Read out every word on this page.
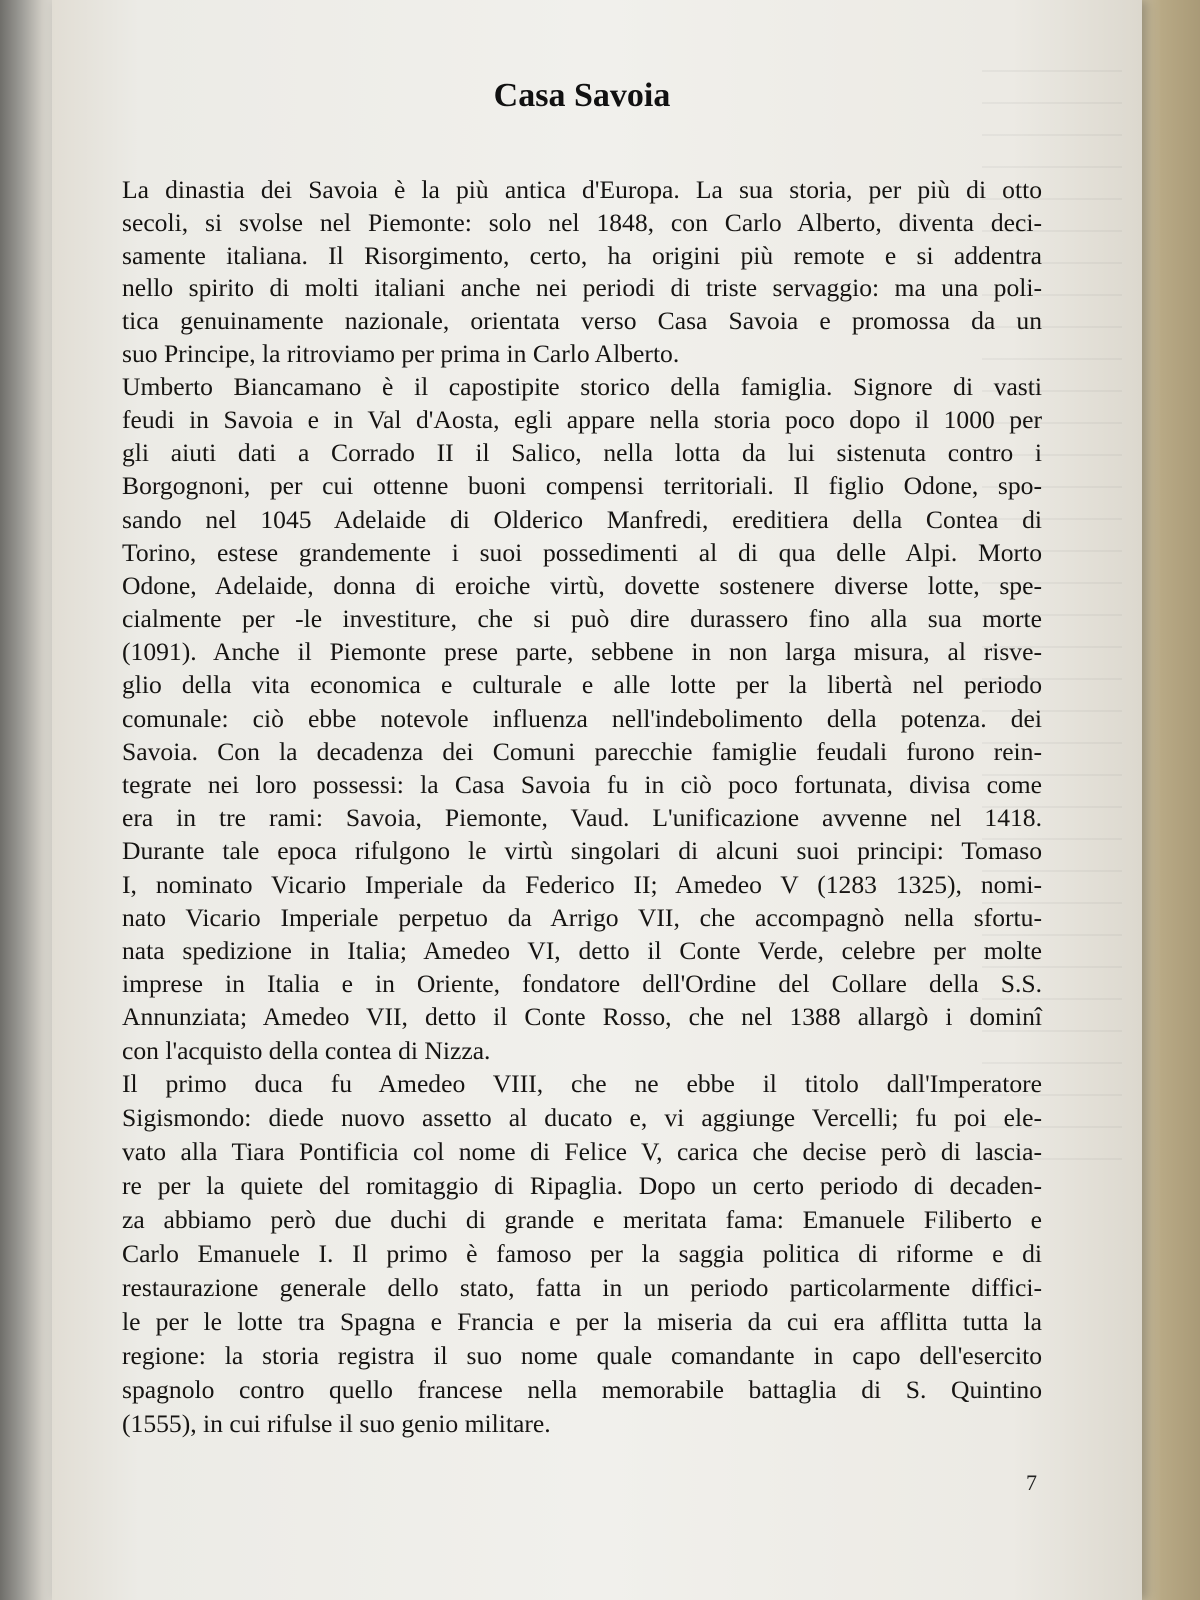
Casa Savoia
La dinastia dei Savoia è la più antica d'Europa. La sua storia, per più di otto
secoli, si svolse nel Piemonte: solo nel 1848, con Carlo Alberto, diventa deci-
samente italiana. Il Risorgimento, certo, ha origini più remote e si addentra
nello spirito di molti italiani anche nei periodi di triste servaggio: ma una poli-
tica genuinamente nazionale, orientata verso Casa Savoia e promossa da un
suo Principe, la ritroviamo per prima in Carlo Alberto.
Umberto Biancamano è il capostipite storico della famiglia. Signore di vasti
feudi in Savoia e in Val d'Aosta, egli appare nella storia poco dopo il 1000 per
gli aiuti dati a Corrado II il Salico, nella lotta da lui sistenuta contro i
Borgognoni, per cui ottenne buoni compensi territoriali. Il figlio Odone, spo-
sando nel 1045 Adelaide di Olderico Manfredi, ereditiera della Contea di
Torino, estese grandemente i suoi possedimenti al di qua delle Alpi. Morto
Odone, Adelaide, donna di eroiche virtù, dovette sostenere diverse lotte, spe-
cialmente per -le investiture, che si può dire durassero fino alla sua morte
(1091). Anche il Piemonte prese parte, sebbene in non larga misura, al risve-
glio della vita economica e culturale e alle lotte per la libertà nel periodo
comunale: ciò ebbe notevole influenza nell'indebolimento della potenza. dei
Savoia. Con la decadenza dei Comuni parecchie famiglie feudali furono rein-
tegrate nei loro possessi: la Casa Savoia fu in ciò poco fortunata, divisa come
era in tre rami: Savoia, Piemonte, Vaud. L'unificazione avvenne nel 1418.
Durante tale epoca rifulgono le virtù singolari di alcuni suoi principi: Tomaso
I, nominato Vicario Imperiale da Federico II; Amedeo V (1283 1325), nomi-
nato Vicario Imperiale perpetuo da Arrigo VII, che accompagnò nella sfortu-
nata spedizione in Italia; Amedeo VI, detto il Conte Verde, celebre per molte
imprese in Italia e in Oriente, fondatore dell'Ordine del Collare della S.S.
Annunziata; Amedeo VII, detto il Conte Rosso, che nel 1388 allargò i dominî
con l'acquisto della contea di Nizza.
Il primo duca fu Amedeo VIII, che ne ebbe il titolo dall'Imperatore
Sigismondo: diede nuovo assetto al ducato e, vi aggiunge Vercelli; fu poi ele-
vato alla Tiara Pontificia col nome di Felice V, carica che decise però di lascia-
re per la quiete del romitaggio di Ripaglia. Dopo un certo periodo di decaden-
za abbiamo però due duchi di grande e meritata fama: Emanuele Filiberto e
Carlo Emanuele I. Il primo è famoso per la saggia politica di riforme e di
restaurazione generale dello stato, fatta in un periodo particolarmente diffici-
le per le lotte tra Spagna e Francia e per la miseria da cui era afflitta tutta la
regione: la storia registra il suo nome quale comandante in capo dell'esercito
spagnolo contro quello francese nella memorabile battaglia di S. Quintino
(1555), in cui rifulse il suo genio militare.
7
